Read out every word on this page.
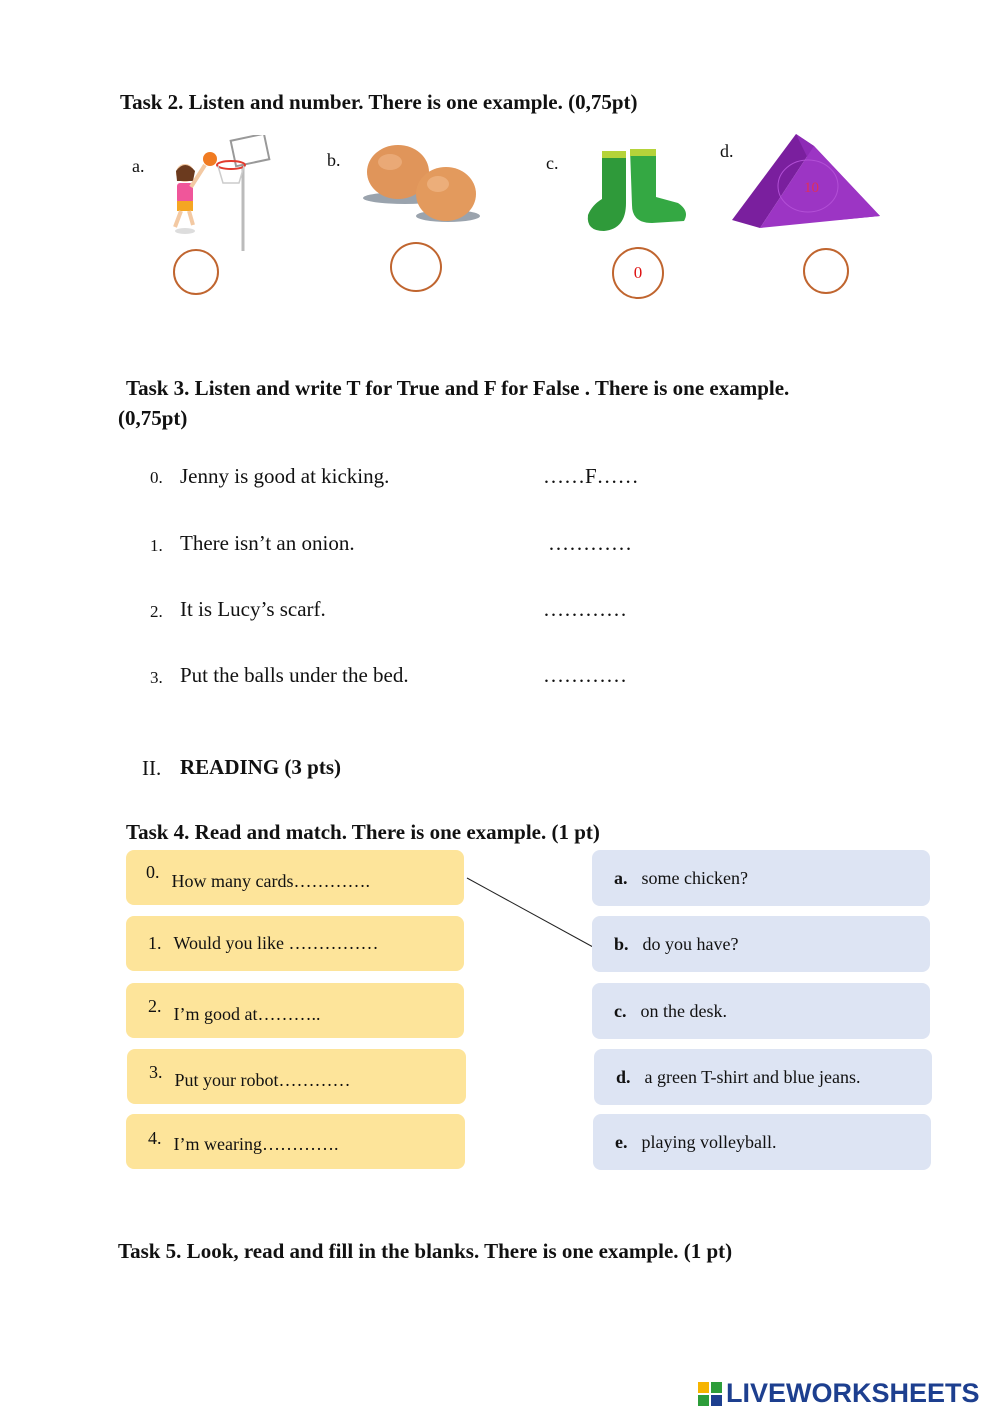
Task 2. Listen and number. There is one example. (0,75pt)
a.	b.	c.
0
d.
10
Task 3. Listen and write T for True and F for False . There is one example.
(0,75pt)
0. Jenny is good at kicking.	……F……
1. There isn’t an onion.	…………
2. It is Lucy’s scarf.	…………
3. Put the balls under the bed.	…………
II. READING (3 pts)
Task 4. Read and match. There is one example. (1 pt)
0. How many cards………….
1. Would you like ……………
2. I’m good at………..
3. Put your robot…………
4. I’m wearing………….
a. some chicken?
b. do you have?
c. on the desk.
d. a green T-shirt and blue jeans.
e. playing volleyball.
Task 5. Look, read and fill in the blanks. There is one example. (1 pt)
LIVEWORKSHEETS
